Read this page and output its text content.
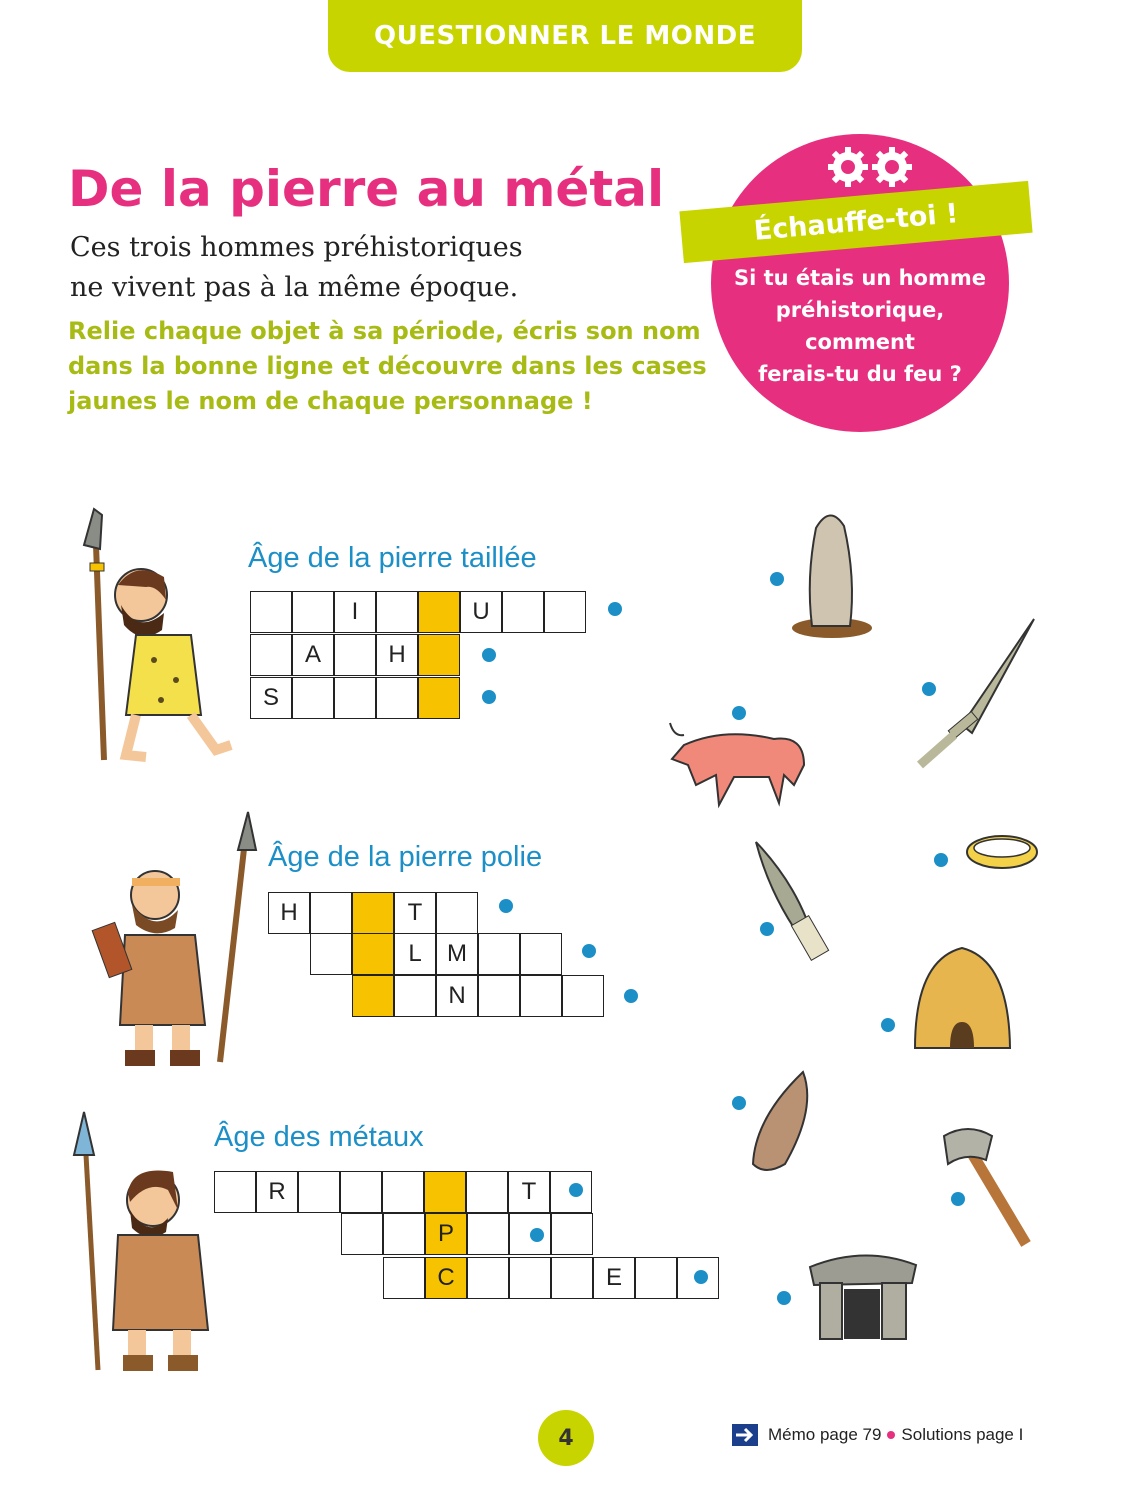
QUESTIONNER LE MONDE
De la pierre au métal
Ces trois hommes préhistoriques
ne vivent pas à la même époque.
Relie chaque objet à sa période, écris son nom
dans la bonne ligne et découvre dans les cases
jaunes le nom de chaque personnage !
Échauffe-toi !
Si tu étais un homme
préhistorique, comment
ferais-tu du feu ?
Âge de la pierre taillée
Âge de la pierre polie
Âge des métaux
I	U
A	H
S
H	T
L	M
N
R	T
P
C	E
4	Mémo page 79 Solutions page I
